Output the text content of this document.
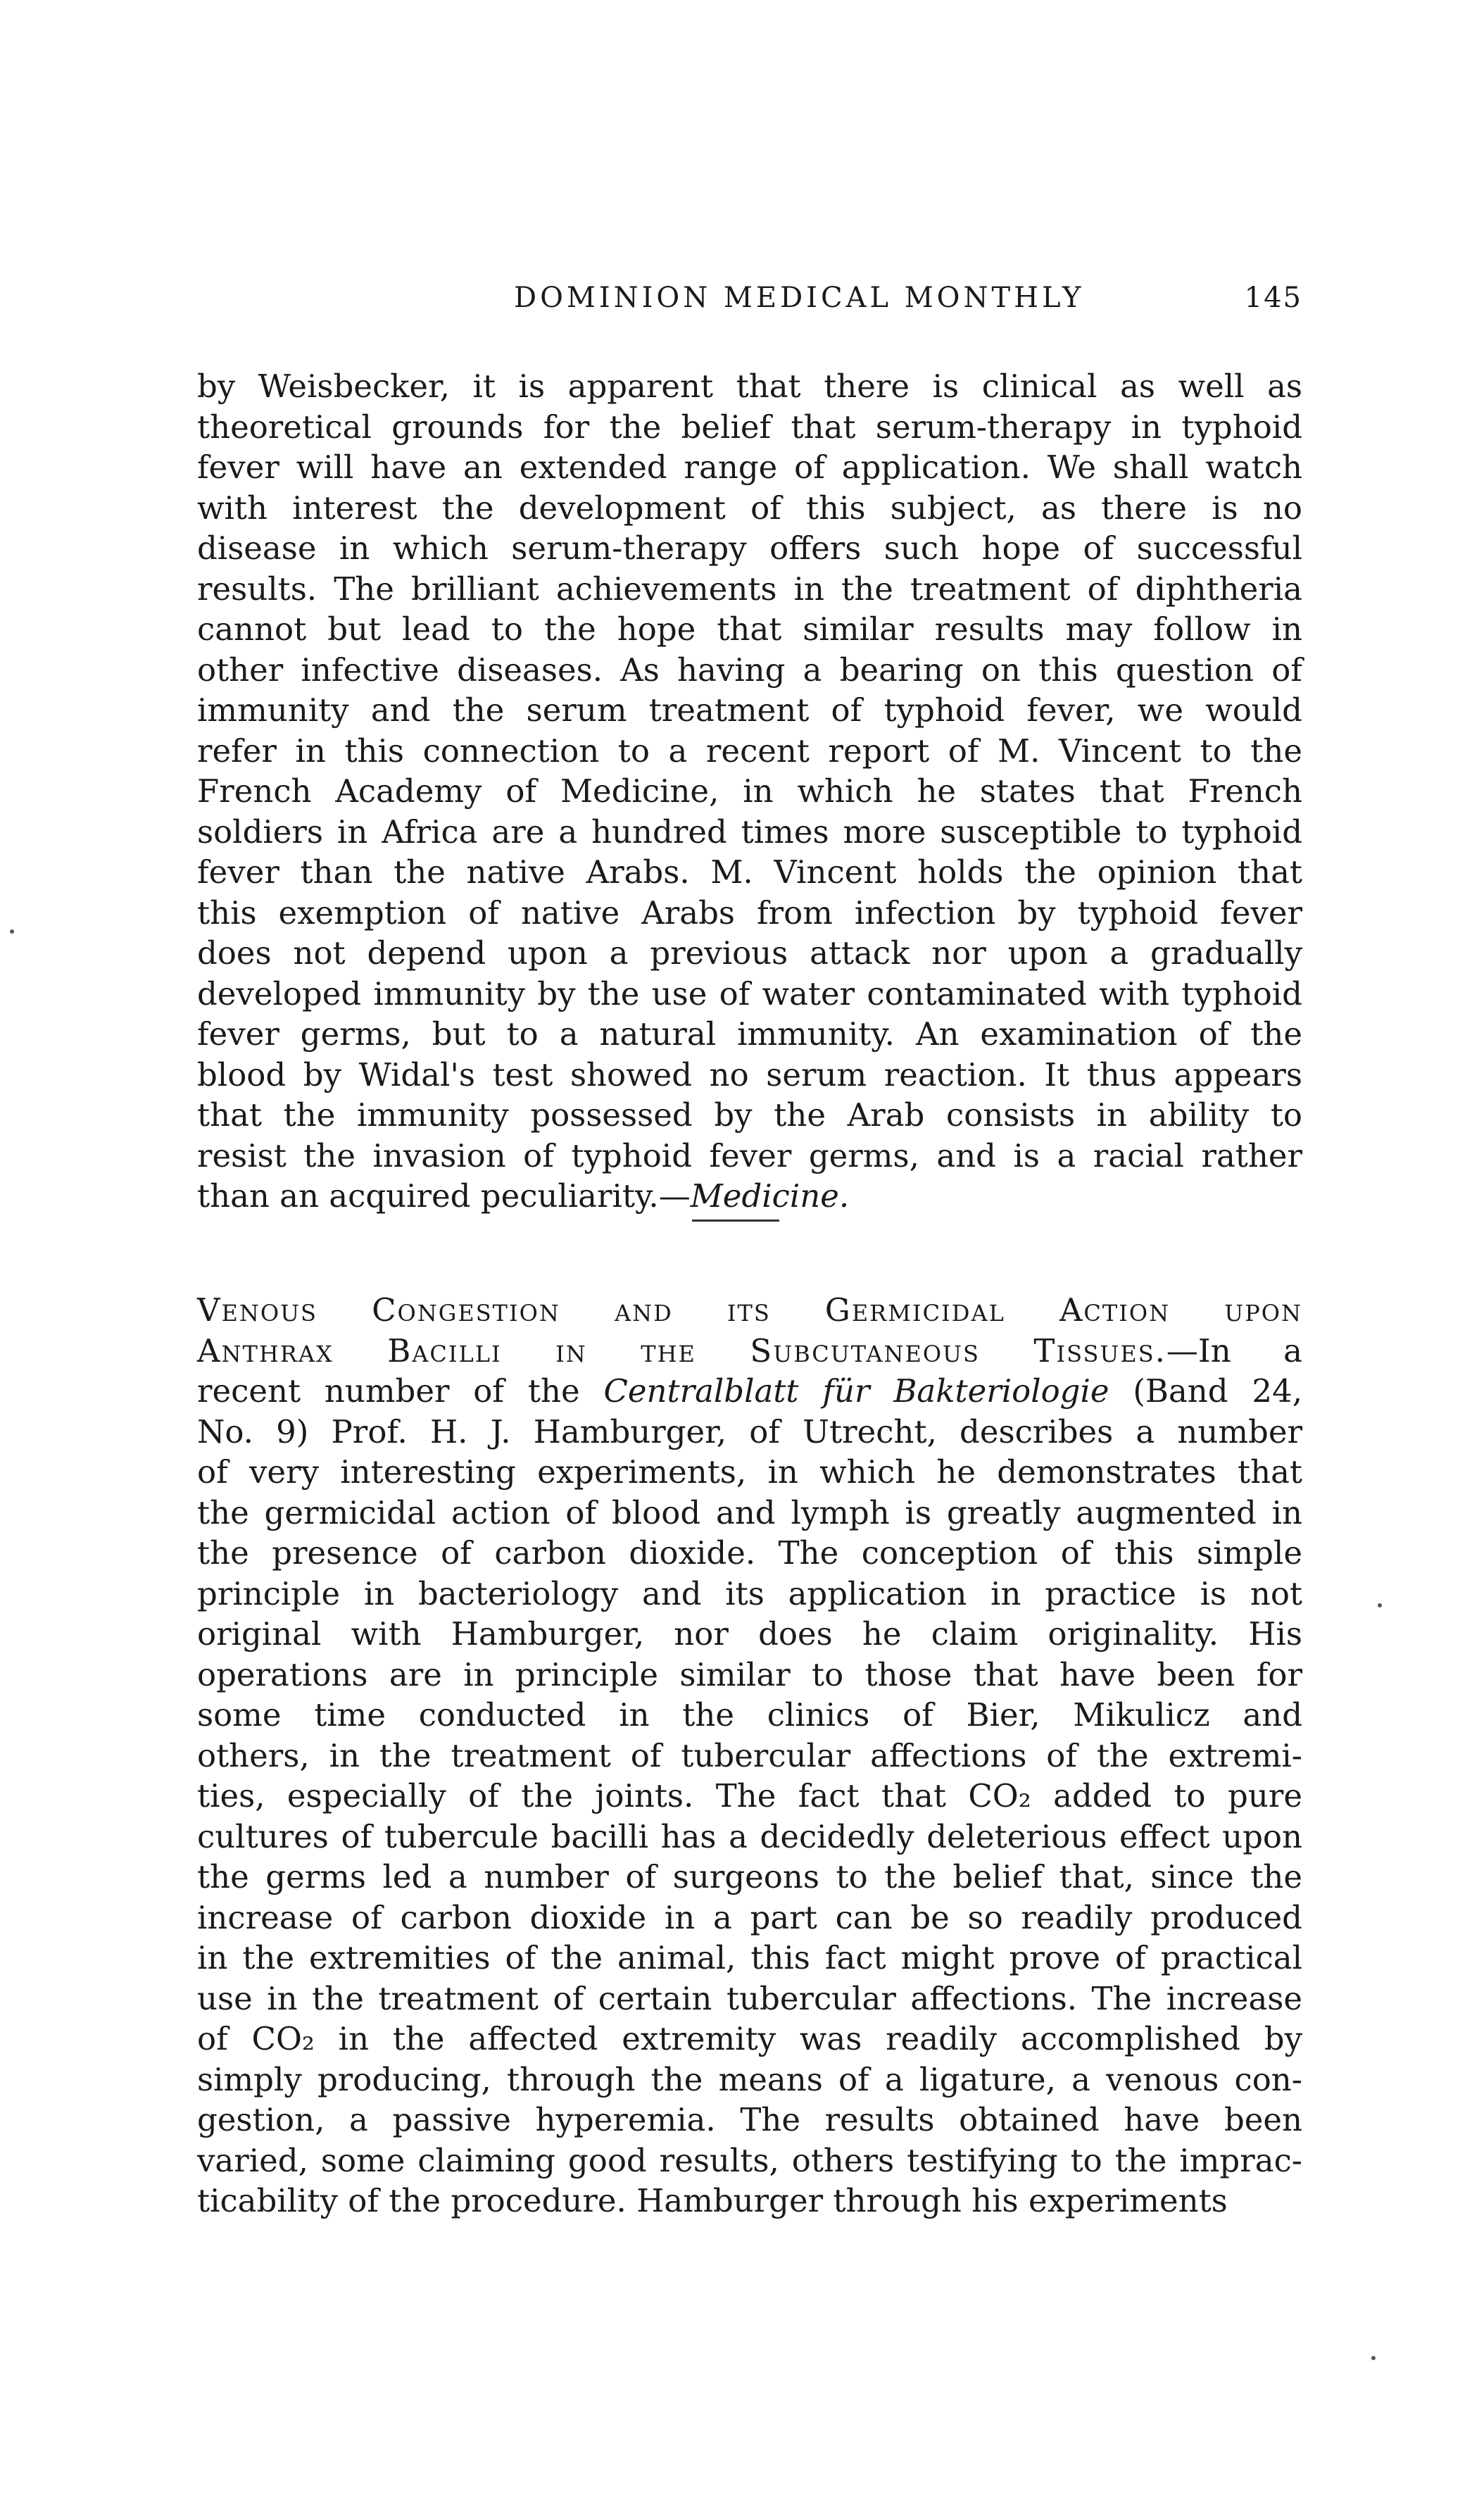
DOMINION MEDICAL MONTHLY	145
by Weisbecker, it is apparent that there is clinical as well as
theoretical grounds for the belief that serum-therapy in typhoid
fever will have an extended range of application. We shall watch
with interest the development of this subject, as there is no
disease in which serum-therapy offers such hope of successful
results. The brilliant achievements in the treatment of diphtheria
cannot but lead to the hope that similar results may follow in
other infective diseases. As having a bearing on this question of
immunity and the serum treatment of typhoid fever, we would
refer in this connection to a recent report of M. Vincent to the
French Academy of Medicine, in which he states that French
soldiers in Africa are a hundred times more susceptible to typhoid
fever than the native Arabs. M. Vincent holds the opinion that
this exemption of native Arabs from infection by typhoid fever
does not depend upon a previous attack nor upon a gradually
developed immunity by the use of water contaminated with typhoid
fever germs, but to a natural immunity. An examination of the
blood by Widal's test showed no serum reaction. It thus appears
that the immunity possessed by the Arab consists in ability to
resist the invasion of typhoid fever germs, and is a racial rather
than an acquired peculiarity.—Medicine.
Venous Congestion and its Germicidal Action upon
Anthrax Bacilli in the Subcutaneous Tissues.—In a
recent number of the Centralblatt für Bakteriologie (Band 24,
No. 9) Prof. H. J. Hamburger, of Utrecht, describes a number
of very interesting experiments, in which he demonstrates that
the germicidal action of blood and lymph is greatly augmented in
the presence of carbon dioxide. The conception of this simple
principle in bacteriology and its application in practice is not
original with Hamburger, nor does he claim originality. His
operations are in principle similar to those that have been for
some time conducted in the clinics of Bier, Mikulicz and
others, in the treatment of tubercular affections of the extremi-
ties, especially of the joints. The fact that CO₂ added to pure
cultures of tubercule bacilli has a decidedly deleterious effect upon
the germs led a number of surgeons to the belief that, since the
increase of carbon dioxide in a part can be so readily produced
in the extremities of the animal, this fact might prove of practical
use in the treatment of certain tubercular affections. The increase
of CO₂ in the affected extremity was readily accomplished by
simply producing, through the means of a ligature, a venous con-
gestion, a passive hyperemia. The results obtained have been
varied, some claiming good results, others testifying to the imprac-
ticability of the procedure. Hamburger through his experiments
